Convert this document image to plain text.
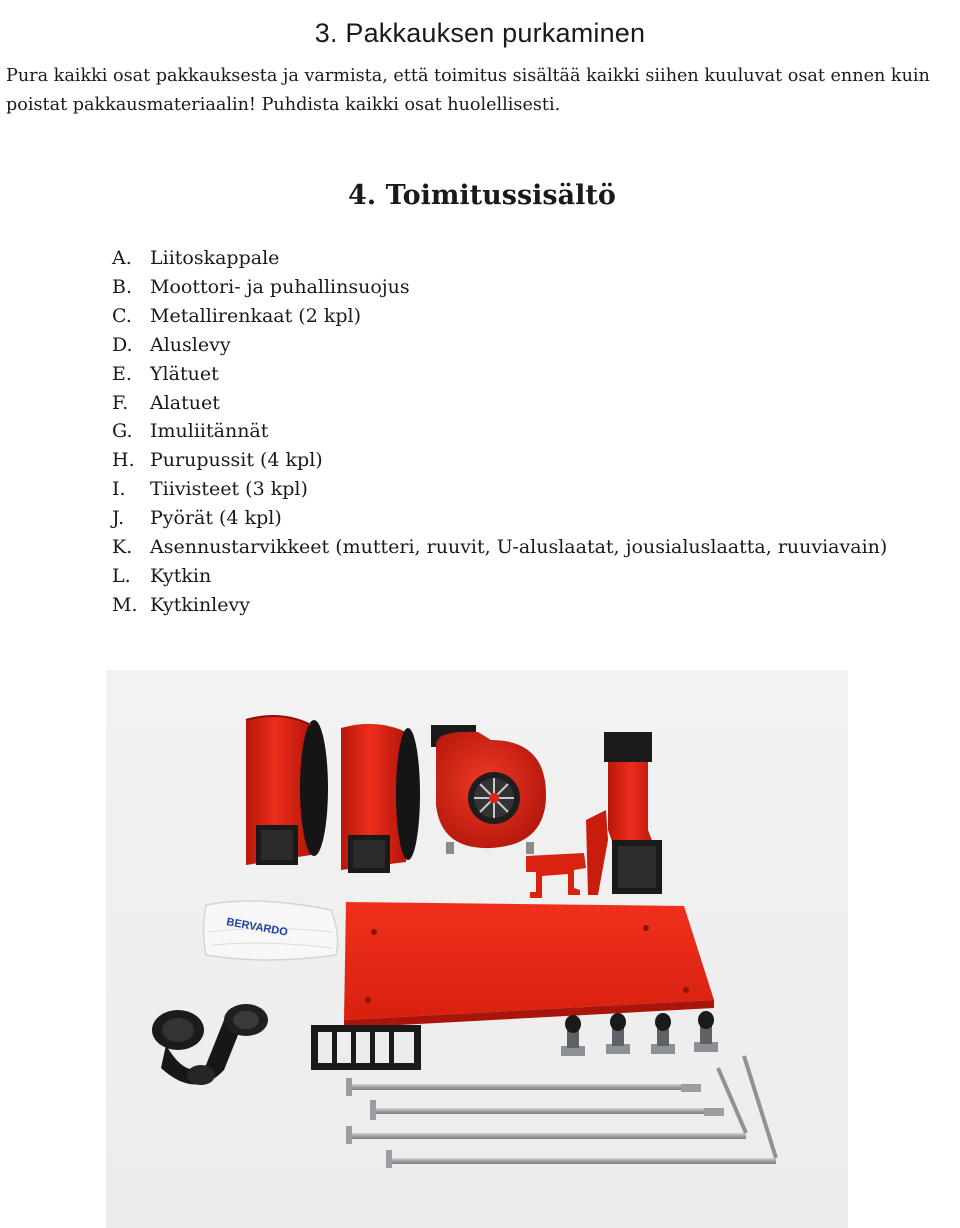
3. Pakkauksen purkaminen

Pura kaikki osat pakkauksesta ja varmista, että toimitus sisältää kaikki siihen kuuluvat osat ennen kuin poistat pakkausmateriaalin! Puhdista kaikki osat huolellisesti.

4. Toimitussisältö
A. Liitoskappale
B. Moottori- ja puhallinsuojus
C. Metallirenkaat (2 kpl)
D. Aluslevy
E. Ylätuet
F. Alatuet
G. Imuliitännät
H. Purupussit (4 kpl)
I. Tiivisteet (3 kpl)
J. Pyörät (4 kpl)
K. Asennustarvikkeet (mutteri, ruuvit, U-aluslaatat, jousialuslaatta, ruuviavain)
L. Kytkin
M. Kytkinlevy
BERVARDO
